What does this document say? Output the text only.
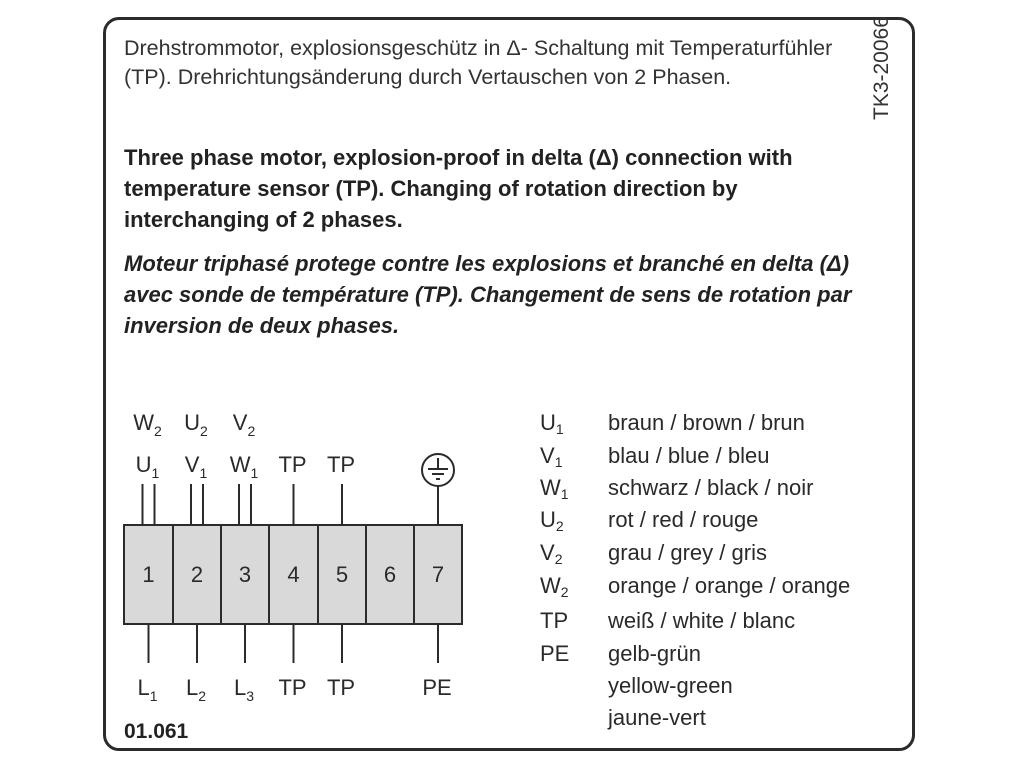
Drehstrommotor, explosionsgeschütz in Δ- Schaltung mit Temperaturfühler (TP). Drehrichtungsänderung durch Vertauschen von 2 Phasen.

Three phase motor, explosion-proof in delta (Δ) connection with temperature sensor (TP). Changing of rotation direction by interchanging of 2 phases.

Moteur triphasé protege contre les explosions et branché en delta (Δ) avec sonde de température (TP). Changement de sens de rotation par inversion de deux phases.

TK3-20066
1 2 3 4 5 6 7
$W_2$ $U_2$ $V_2$
$U_1$ $V_1$ $W_1$ TP TP
$L_1$ $L_2$ $L_3$ TP TP	PE
$U_1$ braun / brown / brun
$V_1$ blau / blue / bleu
$W_1$ schwarz / black / noir
$U_2$ rot / red / rouge
$V_2$ grau / grey / gris
$W_2$ orange / orange / orange
TP weiß / white / blanc
PE gelb-grün
yellow-green
jaune-vert
01.061
